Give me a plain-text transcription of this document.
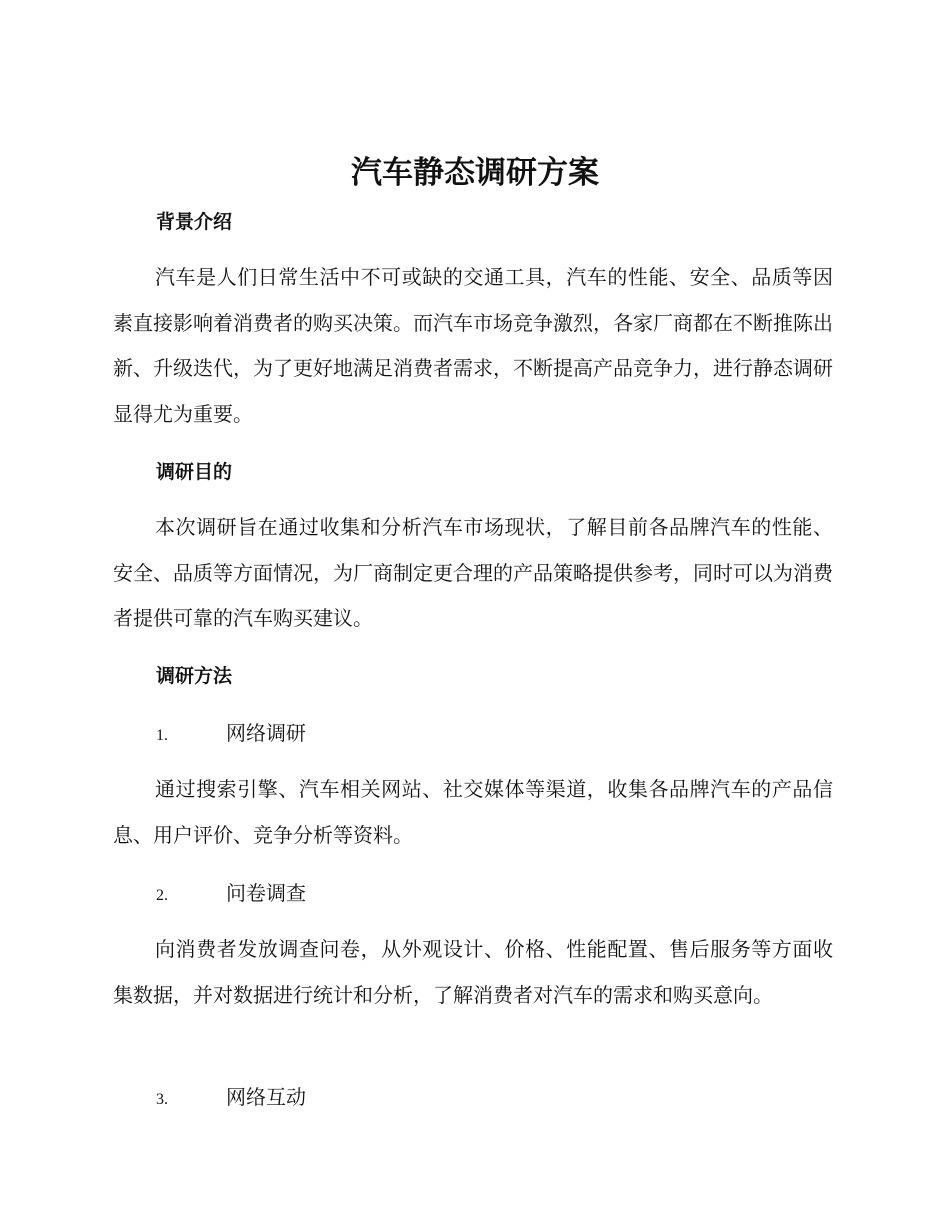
汽车静态调研方案
背景介绍

汽车是人们日常生活中不可或缺的交通工具，汽车的性能、安全、品质等因素直接影响着消费者的购买决策。而汽车市场竞争激烈，各家厂商都在不断推陈出新、升级迭代，为了更好地满足消费者需求，不断提高产品竞争力，进行静态调研显得尤为重要。

调研目的

本次调研旨在通过收集和分析汽车市场现状，了解目前各品牌汽车的性能、安全、品质等方面情况，为厂商制定更合理的产品策略提供参考，同时可以为消费者提供可靠的汽车购买建议。

调研方法
1.	网络调研

通过搜索引擎、汽车相关网站、社交媒体等渠道，收集各品牌汽车的产品信息、用户评价、竞争分析等资料。

2.	问卷调查

向消费者发放调查问卷，从外观设计、价格、性能配置、售后服务等方面收集数据，并对数据进行统计和分析，了解消费者对汽车的需求和购买意向。

3.	网络互动
